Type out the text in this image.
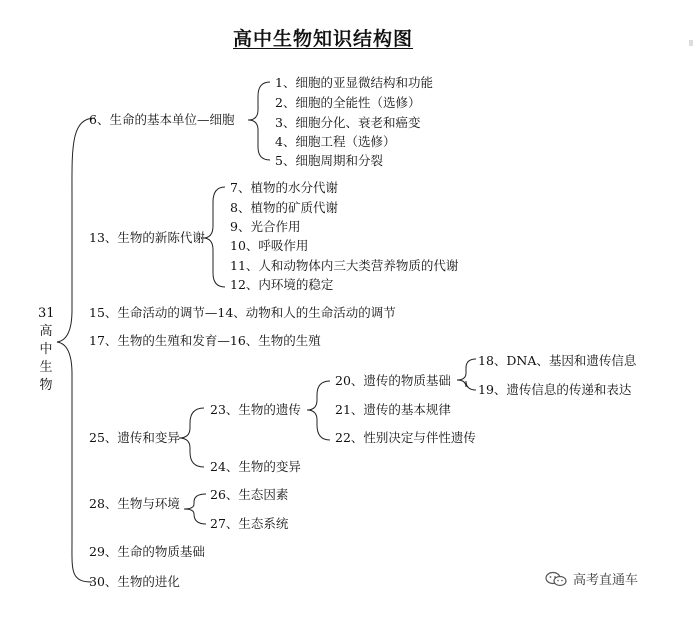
高中生物知识结构图
31
高
中
生
物
6、生命的基本单位—细胞
1、细胞的亚显微结构和功能
2、细胞的全能性（选修）
3、细胞分化、衰老和癌变
4、细胞工程（选修）
5、细胞周期和分裂
13、生物的新陈代谢
7、植物的水分代谢
8、植物的矿质代谢
9、光合作用
10、呼吸作用
11、人和动物体内三大类营养物质的代谢
12、内环境的稳定
15、生命活动的调节—14、动物和人的生命活动的调节
17、生物的生殖和发育—16、生物的生殖
25、遗传和变异
23、生物的遗传
20、遗传的物质基础
18、DNA、基因和遗传信息
19、遗传信息的传递和表达
21、遗传的基本规律
22、性别决定与伴性遗传
24、生物的变异
28、生物与环境
26、生态因素
27、生态系统
29、生命的物质基础
30、生物的进化	高考直通车
